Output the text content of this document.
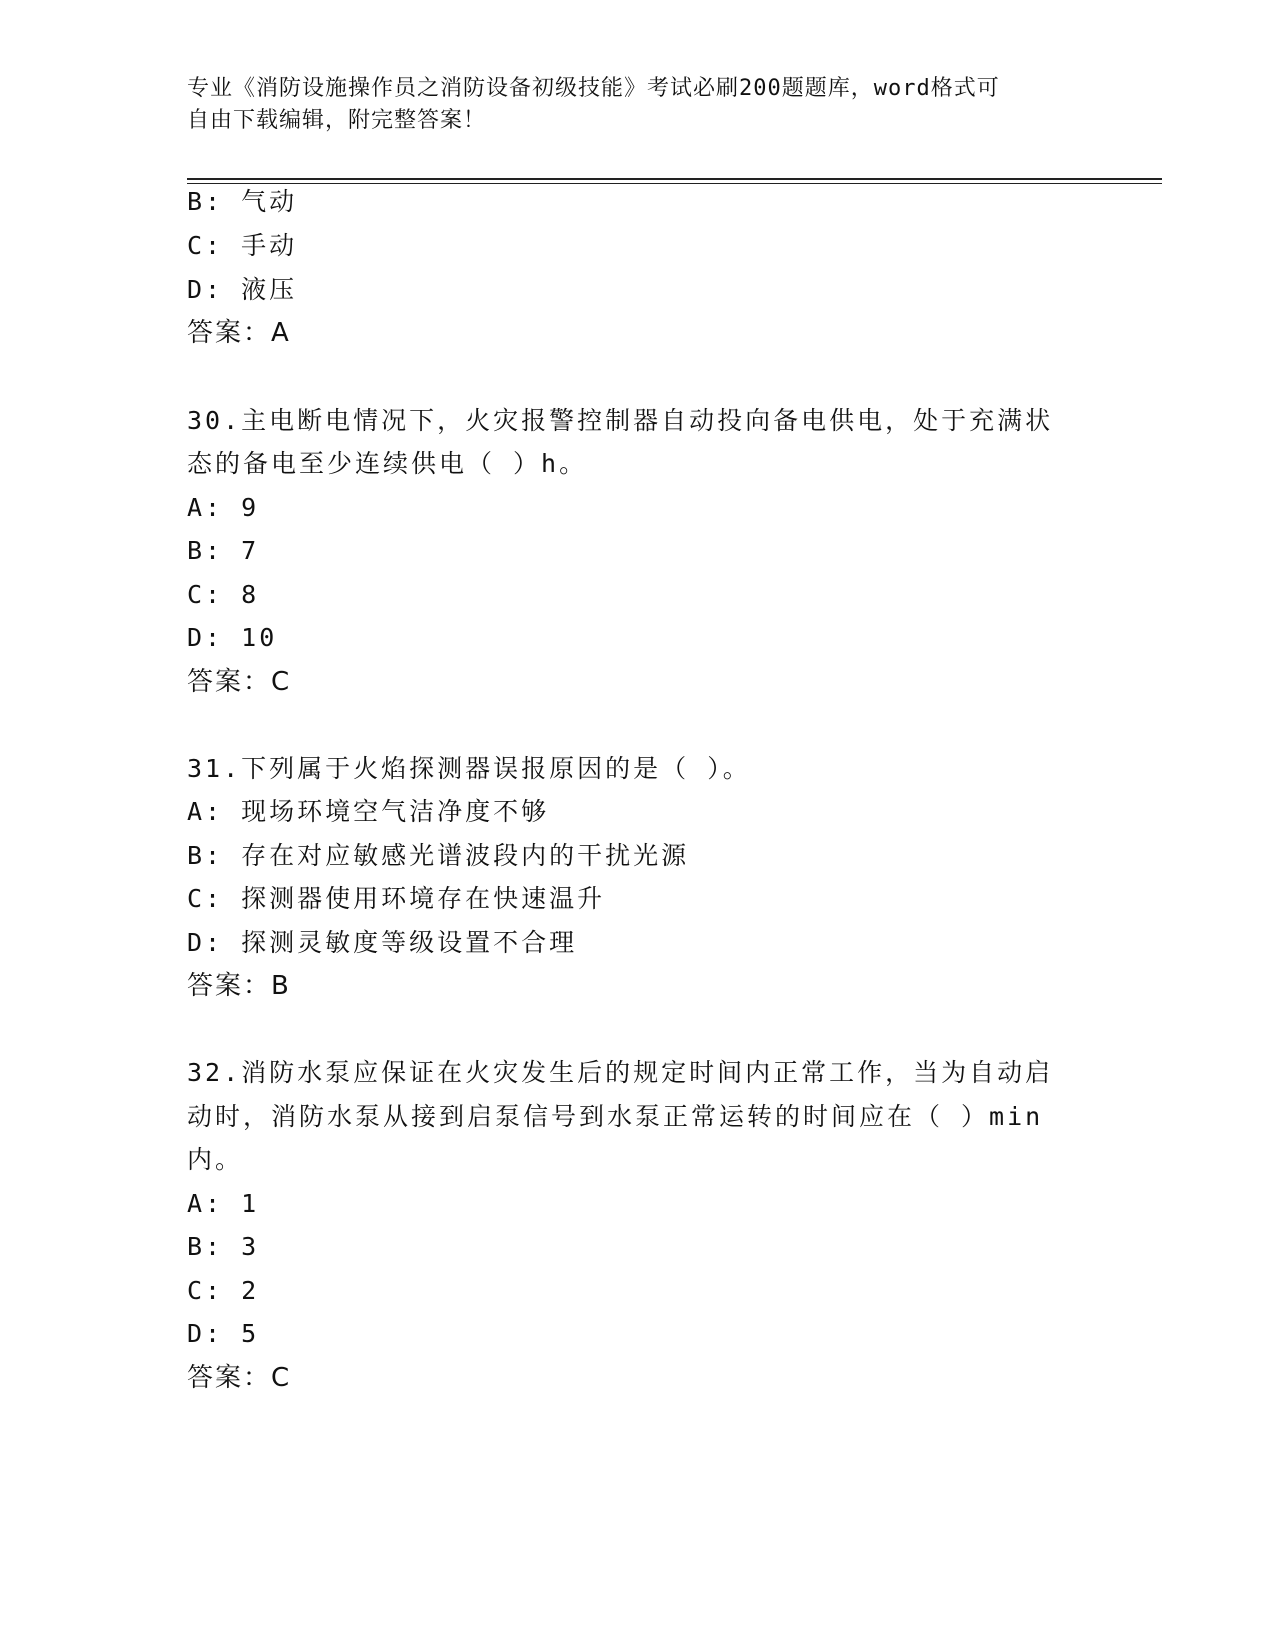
专业《消防设施操作员之消防设备初级技能》考试必刷200题题库，word格式可
自由下载编辑，附完整答案！
B: 气动
C: 手动
D: 液压
答案：A
30.主电断电情况下，火灾报警控制器自动投向备电供电，处于充满状
态的备电至少连续供电（ ）h。
A: 9
B: 7
C: 8
D: 10
答案：C
31.下列属于火焰探测器误报原因的是（ ）。
A: 现场环境空气洁净度不够
B: 存在对应敏感光谱波段内的干扰光源
C: 探测器使用环境存在快速温升
D: 探测灵敏度等级设置不合理
答案：B
32.消防水泵应保证在火灾发生后的规定时间内正常工作，当为自动启
动时，消防水泵从接到启泵信号到水泵正常运转的时间应在（ ）min
内。
A: 1
B: 3
C: 2
D: 5
答案：C
